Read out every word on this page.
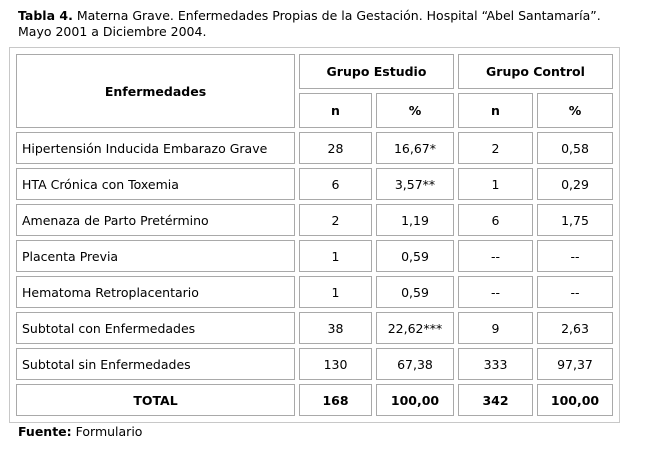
Tabla 4. Materna Grave. Enfermedades Propias de la Gestación. Hospital “Abel Santamaría”. Mayo 2001 a Diciembre 2004.
Enfermedades	Grupo Estudio		Grupo Control	
	n	%	n	%
Hipertensión Inducida Embarazo Grave	28	16,67*	2	0,58
HTA Crónica con Toxemia	6	3,57**	1	0,29
Amenaza de Parto Pretérmino	2	1,19	6	1,75
Placenta Previa	1	0,59	--	--
Hematoma Retroplacentario	1	0,59	--	--
Subtotal con Enfermedades	38	22,62***	9	2,63
Subtotal sin Enfermedades	130	67,38	333	97,37
TOTAL	168	100,00	342	100,00
Fuente: Formulario
